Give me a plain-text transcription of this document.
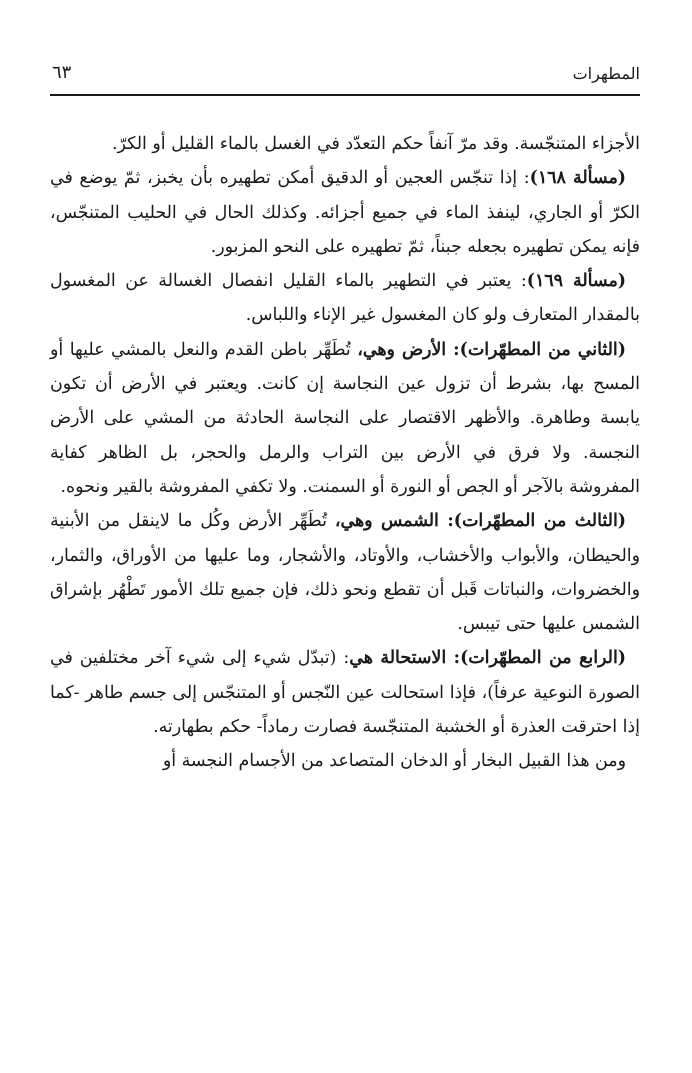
المطهرات
٦٣

الأجزاء المتنجّسة. وقد مرّ آنفاً حكم التعدّد في الغسل بالماء القليل أو الكرّ.

(مسألة ١٦٨): إذا تنجّس العجين أو الدقيق أمكن تطهيره بأن يخبز، ثمّ يوضع في الكرّ أو الجاري، لينفذ الماء في جميع أجزائه. وكذلك الحال في الحليب المتنجّس، فإنه يمكن تطهيره بجعله جبناً، ثمّ تطهيره على النحو المزبور.

(مسألة ١٦٩): يعتبر في التطهير بالماء القليل انفصال الغسالة عن المغسول بالمقدار المتعارف ولو كان المغسول غير الإناء واللباس.

(الثاني من المطهّرات): الأرض وهي، تُطَهِّر باطن القدم والنعل بالمشي عليها أو المسح بها، بشرط أن تزول عين النجاسة إن كانت. ويعتبر في الأرض أن تكون يابسة وطاهرة. والأظهر الاقتصار على النجاسة الحادثة من المشي على الأرض النجسة. ولا فرق في الأرض بين التراب والرمل والحجر، بل الظاهر كفاية المفروشة بالآجر أو الجص أو النورة أو السمنت. ولا تكفي المفروشة بالقير ونحوه.

(الثالث من المطهّرات): الشمس وهي، تُطَهِّر الأرض وكُل ما لاينقل من الأبنية والحيطان، والأبواب والأخشاب، والأوتاد، والأشجار، وما عليها من الأوراق، والثمار، والخضروات، والنباتات قَبل أن تقطع ونحو ذلك، فإن جميع تلك الأمور تَطْهُر بإشراق الشمس عليها حتى تيبس.

(الرابع من المطهّرات): الاستحالة هي: (تبدّل شيء إلى شيء آخر مختلفين في الصورة النوعية عرفاً)، فإذا استحالت عين النّجس أو المتنجّس إلى جسم طاهر -كما إذا احترقت العذرة أو الخشبة المتنجّسة فصارت رماداً- حكم بطهارته.

ومن هذا القبيل البخار أو الدخان المتصاعد من الأجسام النجسة أو
